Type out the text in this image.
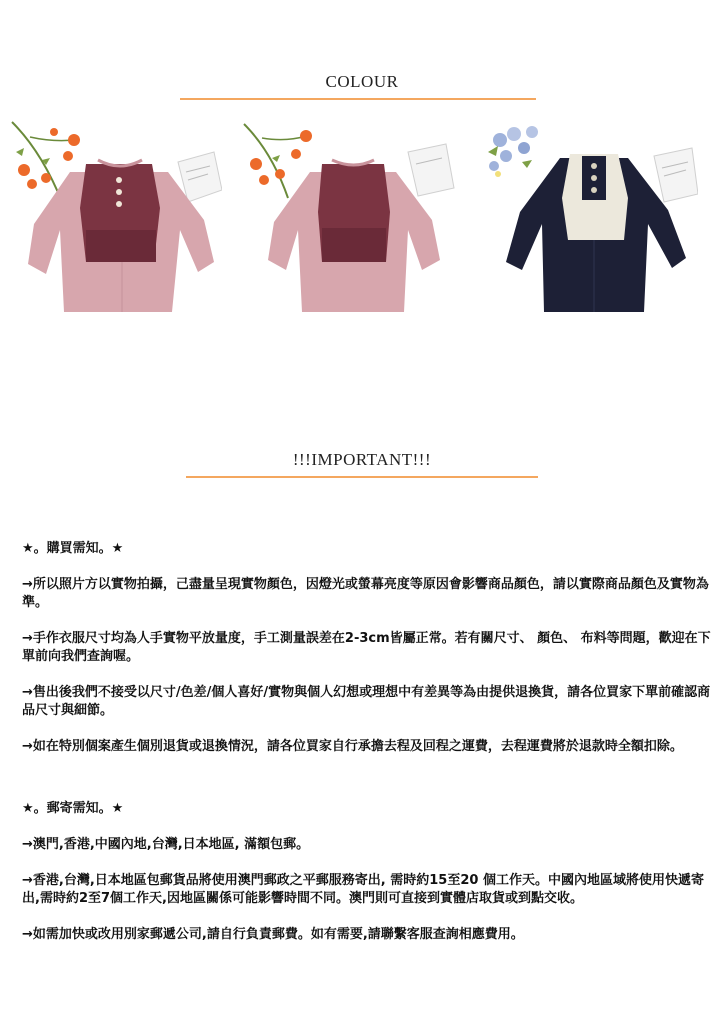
COLOUR
!!!IMPORTANT!!!

★。購買需知。★

→所以照片方以實物拍攝，己盡量呈現實物顏色，因燈光或螢幕亮度等原因會影響商品顏色，請以實際商品顏色及實物為準。

→手作衣服尺寸均為人手實物平放量度，手工測量誤差在2-3cm皆屬正常。若有關尺寸、 顏色、 布料等問題，歡迎在下單前向我們查詢喔。

→售出後我們不接受以尺寸/色差/個人喜好/實物與個人幻想或理想中有差異等為由提供退換貨，請各位買家下單前確認商品尺寸與細節。

→如在特別個案產生個別退貨或退換情況，請各位買家自行承擔去程及回程之運費，去程運費將於退款時全額扣除。

★。郵寄需知。★

→澳門,香港,中國內地,台灣,日本地區, 滿額包郵。

→香港,台灣,日本地區包郵貨品將使用澳門郵政之平郵服務寄出, 需時約15至20 個工作天。中國內地區域將使用快遞寄出,需時約2至7個工作天,因地區關係可能影響時間不同。澳門則可直接到實體店取貨或到點交收。

→如需加快或改用別家郵遞公司,請自行負責郵費。如有需要,請聯繫客服查詢相應費用。
